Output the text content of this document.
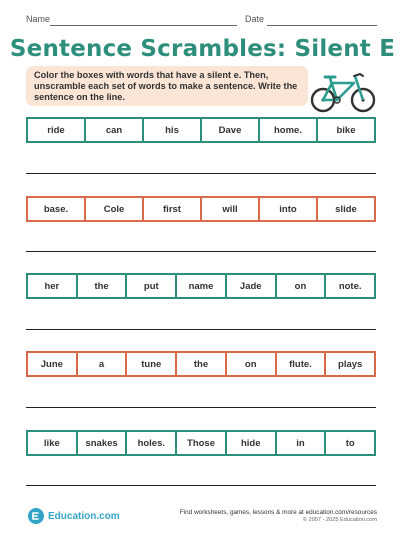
Name	Date
Sentence Scrambles: Silent E
Color the boxes with words that have a silent e. Then, unscramble each set of words to make a sentence. Write the sentence on the line.
ride	can	his	Dave	home.	bike
base.	Cole	first	will	into	slide
her	the	put	name	Jade	on	note.
June	a	tune	the	on	flute.	plays
like	snakes	holes.	Those	hide	in	to
Education.com	Find worksheets, games, lessons & more at education.com/resources
© 2007 - 2025 Education.com
